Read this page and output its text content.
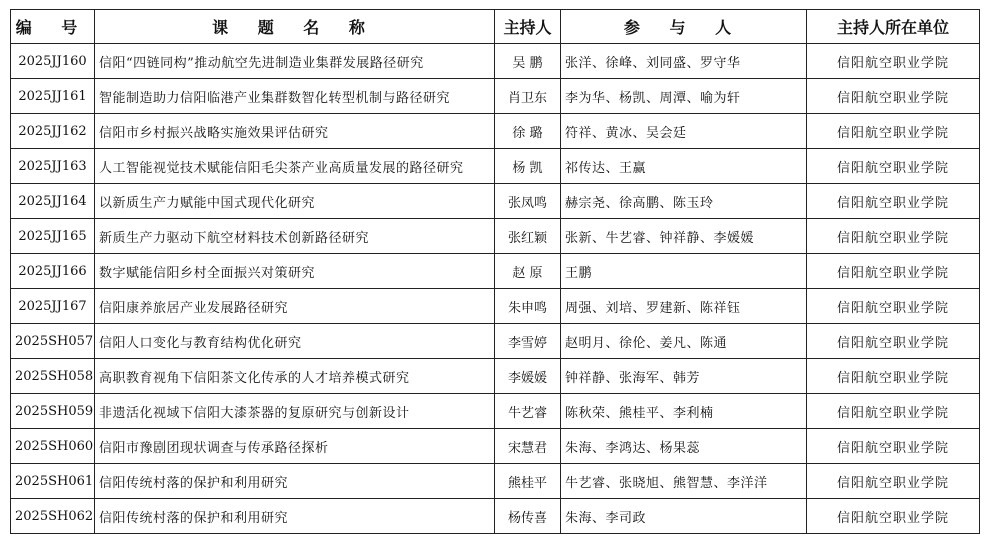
编 号	课 题 名 称	主持人	参 与 人	主持人所在单位
2025JJ160	信阳“四链同构”推动航空先进制造业集群发展路径研究	吴 鹏	张洋、徐峰、刘同盛、罗守华	信阳航空职业学院
2025JJ161	智能制造助力信阳临港产业集群数智化转型机制与路径研究	肖卫东	李为华、杨凯、周潭、喻为轩	信阳航空职业学院
2025JJ162	信阳市乡村振兴战略实施效果评估研究	徐 璐	符祥、黄冰、吴会廷	信阳航空职业学院
2025JJ163	人工智能视觉技术赋能信阳毛尖茶产业高质量发展的路径研究	杨 凯	祁传达、王赢	信阳航空职业学院
2025JJ164	以新质生产力赋能中国式现代化研究	张凤鸣	赫宗尧、徐高鹏、陈玉玲	信阳航空职业学院
2025JJ165	新质生产力驱动下航空材料技术创新路径研究	张红颖	张新、牛艺睿、钟祥静、李媛媛	信阳航空职业学院
2025JJ166	数字赋能信阳乡村全面振兴对策研究	赵 原	王鹏	信阳航空职业学院
2025JJ167	信阳康养旅居产业发展路径研究	朱申鸣	周强、刘培、罗建新、陈祥钰	信阳航空职业学院
2025SH057	信阳人口变化与教育结构优化研究	李雪婷	赵明月、徐伦、姜凡、陈通	信阳航空职业学院
2025SH058	高职教育视角下信阳茶文化传承的人才培养模式研究	李媛媛	钟祥静、张海军、韩芳	信阳航空职业学院
2025SH059	非遗活化视域下信阳大漆茶器的复原研究与创新设计	牛艺睿	陈秋荣、熊桂平、李利楠	信阳航空职业学院
2025SH060	信阳市豫剧团现状调查与传承路径探析	宋慧君	朱海、李鸿达、杨果蕊	信阳航空职业学院
2025SH061	信阳传统村落的保护和利用研究	熊桂平	牛艺睿、张晓旭、熊智慧、李洋洋	信阳航空职业学院
2025SH062	信阳传统村落的保护和利用研究	杨传喜	朱海、李司政	信阳航空职业学院
